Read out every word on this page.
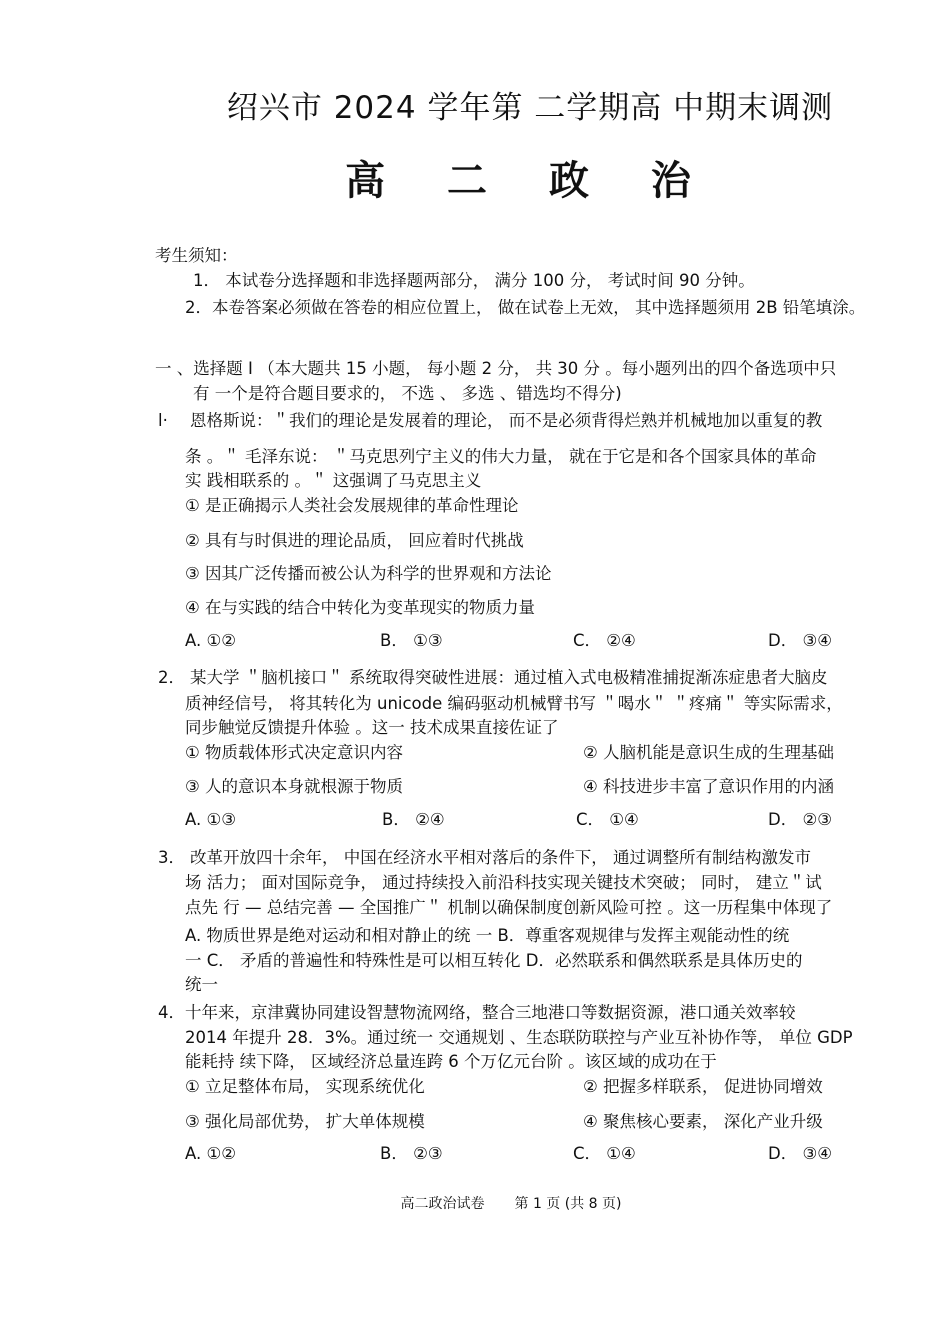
绍兴市 2024 学年第 二学期高 中期末调测
高 二 政 治
考生须知：
1． 本试卷分选择题和非选择题两部分， 满分 100 分， 考试时间 90 分钟。
2．本卷答案必须做在答卷的相应位置上， 做在试卷上无效， 其中选择题须用 2B 铅笔填涂。
一 、选择题 I （本大题共 15 小题， 每小题 2 分， 共 30 分 。每小题列出的四个备选项中只
有 一个是符合题目要求的， 不选 、 多选 、错选均不得分)
l· 恩格斯说：＂我们的理论是发展着的理论， 而不是必须背得烂熟并机械地加以重复的教
条 。＂ 毛泽东说： ＂马克思列宁主义的伟大力量， 就在于它是和各个国家具体的革命
实 践相联系的 。＂ 这强调了马克思主义
① 是正确揭示人类社会发展规律的革命性理论
② 具有与时俱进的理论品质， 回应着时代挑战
③ 因其广泛传播而被公认为科学的世界观和方法论
④ 在与实践的结合中转化为变革现实的物质力量
A. ①②	B． ①③	C． ②④	D． ③④
2． 某大学 ＂脑机接口＂ 系统取得突破性进展：通过植入式电极精准捕捉渐冻症患者大脑皮
质神经信号， 将其转化为 unicode 编码驱动机械臂书写 ＂喝水＂ ＂疼痛＂ 等实际需求，
同步触觉反馈提升体验 。这一 技术成果直接佐证了
① 物质载体形式决定意识内容	② 人脑机能是意识生成的生理基础
③ 人的意识本身就根源于物质	④ 科技进步丰富了意识作用的内涵
A. ①③	B． ②④	C． ①④	D． ②③
3． 改革开放四十余年， 中国在经济水平相对落后的条件下， 通过调整所有制结构激发市
场 活力； 面对国际竞争， 通过持续投入前沿科技实现关键技术突破； 同时， 建立＂试
点先 行 — 总结完善 — 全国推广＂ 机制以确保制度创新风险可控 。这一历程集中体现了
A. 物质世界是绝对运动和相对静止的统 一 B．尊重客观规律与发挥主观能动性的统
一 C． 矛盾的普遍性和特殊性是可以相互转化 D．必然联系和偶然联系是具体历史的
统一
4． 十年来，京津冀协同建设智慧物流网络，整合三地港口等数据资源，港口通关效率较
2014 年提升 28．3%。通过统一 交通规划 、生态联防联控与产业互补协作等， 单位 GDP
能耗持 续下降， 区域经济总量连跨 6 个万亿元台阶 。该区域的成功在于
① 立足整体布局， 实现系统优化	② 把握多样联系， 促进协同增效
③ 强化局部优势， 扩大单体规模	④ 聚焦核心要素， 深化产业升级
A. ①②	B． ②③	C． ①④	D． ③④
高二政治试卷 第 1 页 (共 8 页)
